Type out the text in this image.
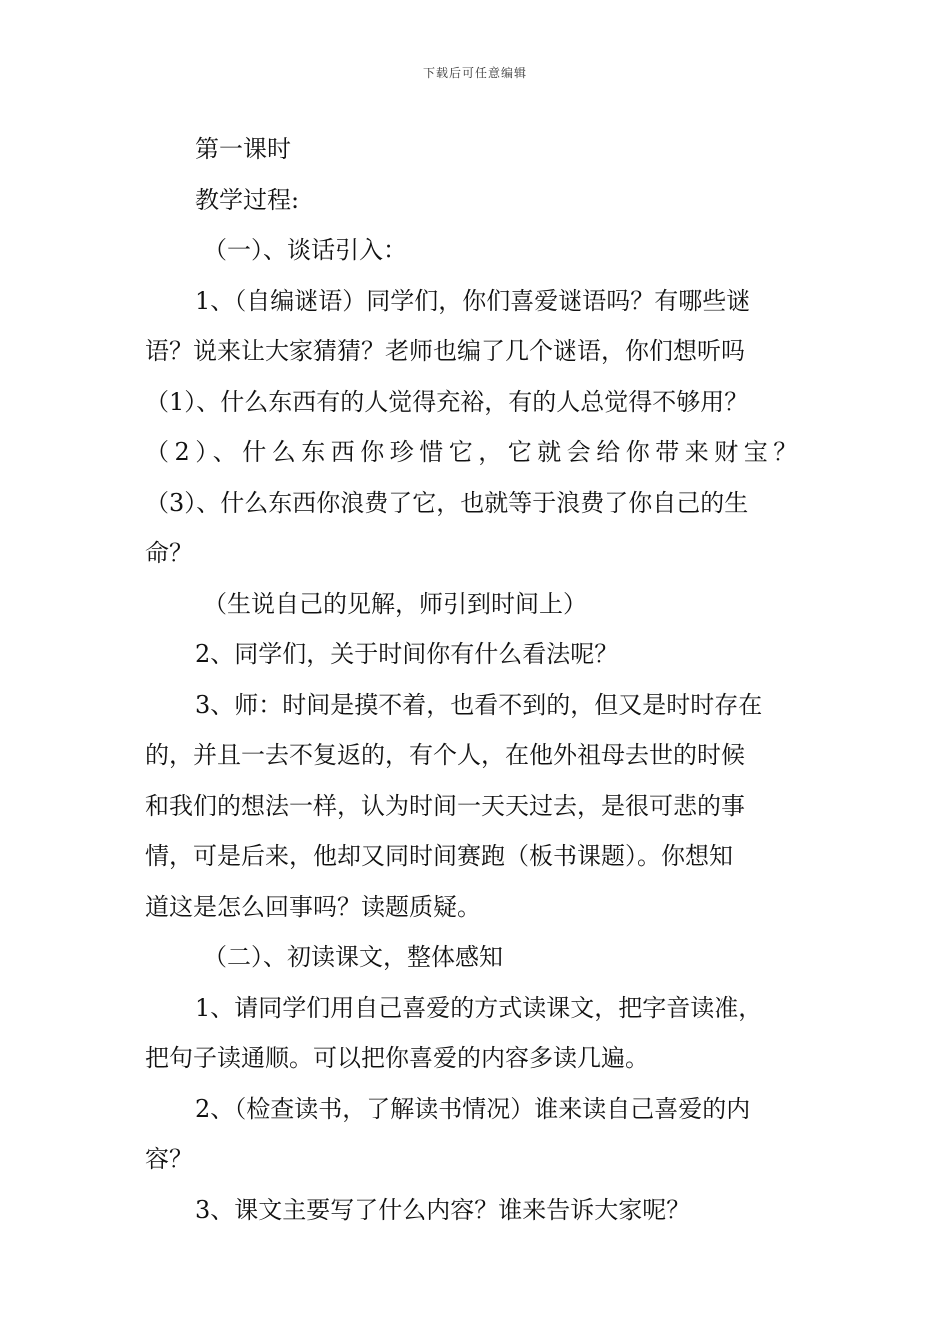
下载后可任意编辑
第一课时
教学过程:
（一）、谈话引入：
1、（自编谜语）同学们，你们喜爱谜语吗？有哪些谜
语？说来让大家猜猜？老师也编了几个谜语，你们想听吗
（1）、什么东西有的人觉得充裕，有的人总觉得不够用？
（2）、什么东西你珍惜它，它就会给你带来财宝？
（3）、什么东西你浪费了它，也就等于浪费了你自己的生
命？
（生说自己的见解，师引到时间上）
2、同学们，关于时间你有什么看法呢？
3、师：时间是摸不着，也看不到的，但又是时时存在
的，并且一去不复返的，有个人，在他外祖母去世的时候
和我们的想法一样，认为时间一天天过去，是很可悲的事
情，可是后来，他却又同时间赛跑（板书课题）。你想知
道这是怎么回事吗？读题质疑。
（二）、初读课文，整体感知
1、请同学们用自己喜爱的方式读课文，把字音读准，
把句子读通顺。可以把你喜爱的内容多读几遍。
2、（检查读书，了解读书情况）谁来读自己喜爱的内
容？
3、课文主要写了什么内容？谁来告诉大家呢？
